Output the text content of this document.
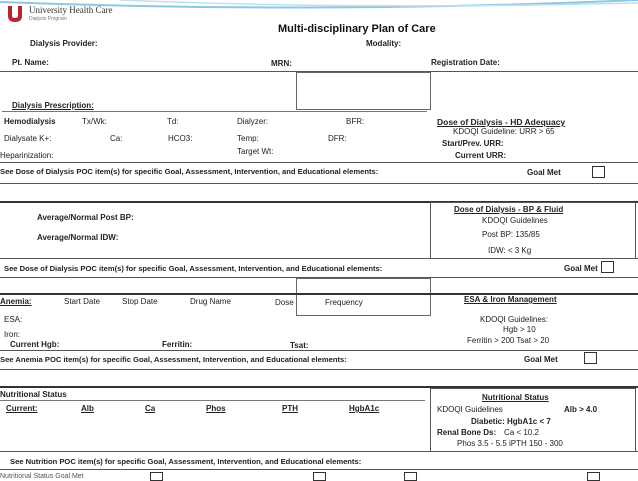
University Health Care
Dialysis Program
Multi-disciplinary Plan of Care
Dialysis Provider:	Modality:
Pt. Name:	MRN:	Registration Date:
Dialysis Prescription:
Hemodialysis	Tx/Wk:	Td:	Dialyzer:	BFR:	Dose of Dialysis - HD Adequacy
KDOQI Guideline: URR > 65
Dialysate K+:	Ca:	HCO3:	Temp:	DFR:
Start/Prev. URR:
Target Wt:
Heparinization:	Current URR:
See Dose of Dialysis POC item(s) for specific Goal, Assessment, Intervention, and Educational elements:	Goal Met
Dose of Dialysis - BP & Fluid
KDOQI Guidelines
Post BP: 135/85
IDW: < 3 Kg
Average/Normal Post BP:
Average/Normal IDW:
See Dose of Dialysis POC item(s) for specific Goal, Assessment, Intervention, and Educational elements:	Goal Met
Anemia:	Start Date	Stop Date	Drug Name	Dose	Frequency	ESA & Iron Management
KDOQI Guidelines:
Hgb > 10
Ferritin > 200 Tsat > 20
ESA:
Iron:
Current Hgb:	Ferritin:	Tsat:
See Anemia POC item(s) for specific Goal, Assessment, Intervention, and Educational elements:	Goal Met
Nutritional Status
Current:	Alb	Ca	Phos	PTH	HgbA1c
Nutritional Status
KDOQI Guidelines	Alb > 4.0
Diabetic: HgbA1c < 7
Renal Bone Ds: Ca < 10.2
Phos 3.5 - 5.5 iPTH 150 - 300
See Nutrition POC item(s) for specific Goal, Assessment, Intervention, and Educational elements:
Nutritional Status Goal Met
